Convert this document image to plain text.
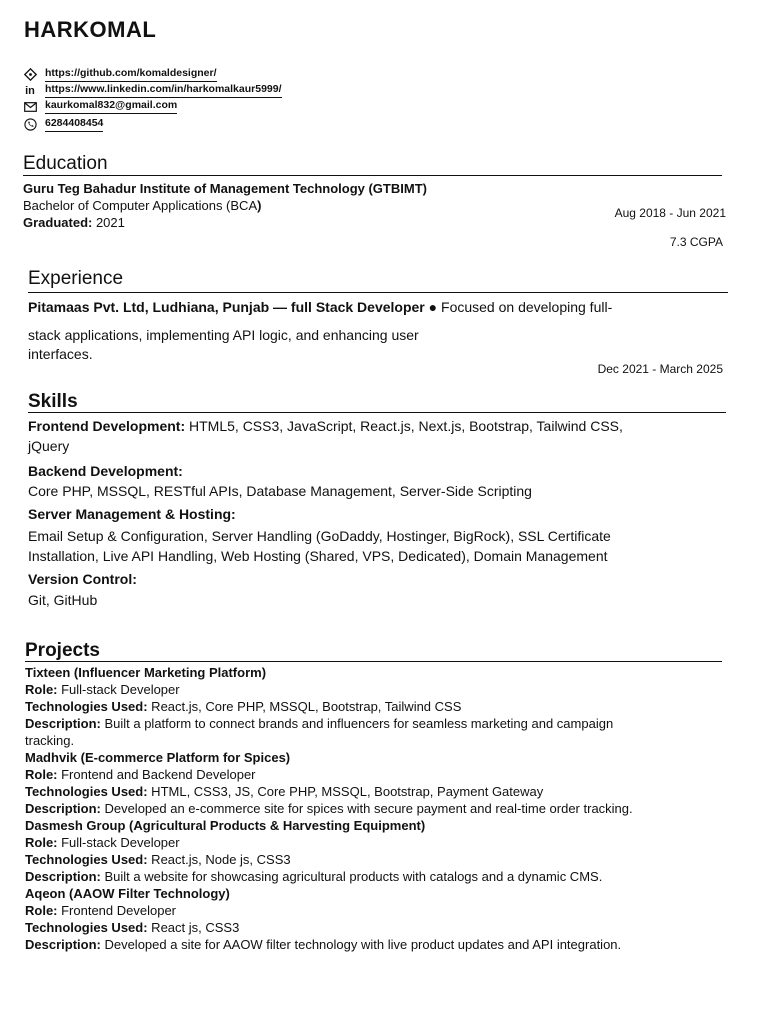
HARKOMAL
https://github.com/komaldesigner/
in https://www.linkedin.com/in/harkomalkaur5999/
kaurkomal832@gmail.com
6284408454
Education
Guru Teg Bahadur Institute of Management Technology (GTBIMT)
Bachelor of Computer Applications (BCA)
Graduated: 2021
Aug 2018 - Jun 2021
7.3 CGPA
Experience
Pitamaas Pvt. Ltd, Ludhiana, Punjab — full Stack Developer ● Focused on developing full-
stack applications, implementing API logic, and enhancing user
interfaces.
Dec 2021 - March 2025
Skills
Frontend Development: HTML5, CSS3, JavaScript, React.js, Next.js, Bootstrap, Tailwind CSS,
jQuery
Backend Development:
Core PHP, MSSQL, RESTful APIs, Database Management, Server-Side Scripting
Server Management & Hosting:
Email Setup & Configuration, Server Handling (GoDaddy, Hostinger, BigRock), SSL Certificate
Installation, Live API Handling, Web Hosting (Shared, VPS, Dedicated), Domain Management
Version Control:
Git, GitHub
Projects
Tixteen (Influencer Marketing Platform)
Role: Full-stack Developer
Technologies Used: React.js, Core PHP, MSSQL, Bootstrap, Tailwind CSS
Description: Built a platform to connect brands and influencers for seamless marketing and campaign
tracking.
Madhvik (E-commerce Platform for Spices)
Role: Frontend and Backend Developer
Technologies Used: HTML, CSS3, JS, Core PHP, MSSQL, Bootstrap, Payment Gateway
Description: Developed an e-commerce site for spices with secure payment and real-time order tracking.
Dasmesh Group (Agricultural Products & Harvesting Equipment)
Role: Full-stack Developer
Technologies Used: React.js, Node js, CSS3
Description: Built a website for showcasing agricultural products with catalogs and a dynamic CMS.
Aqeon (AAOW Filter Technology)
Role: Frontend Developer
Technologies Used: React js, CSS3
Description: Developed a site for AAOW filter technology with live product updates and API integration.
